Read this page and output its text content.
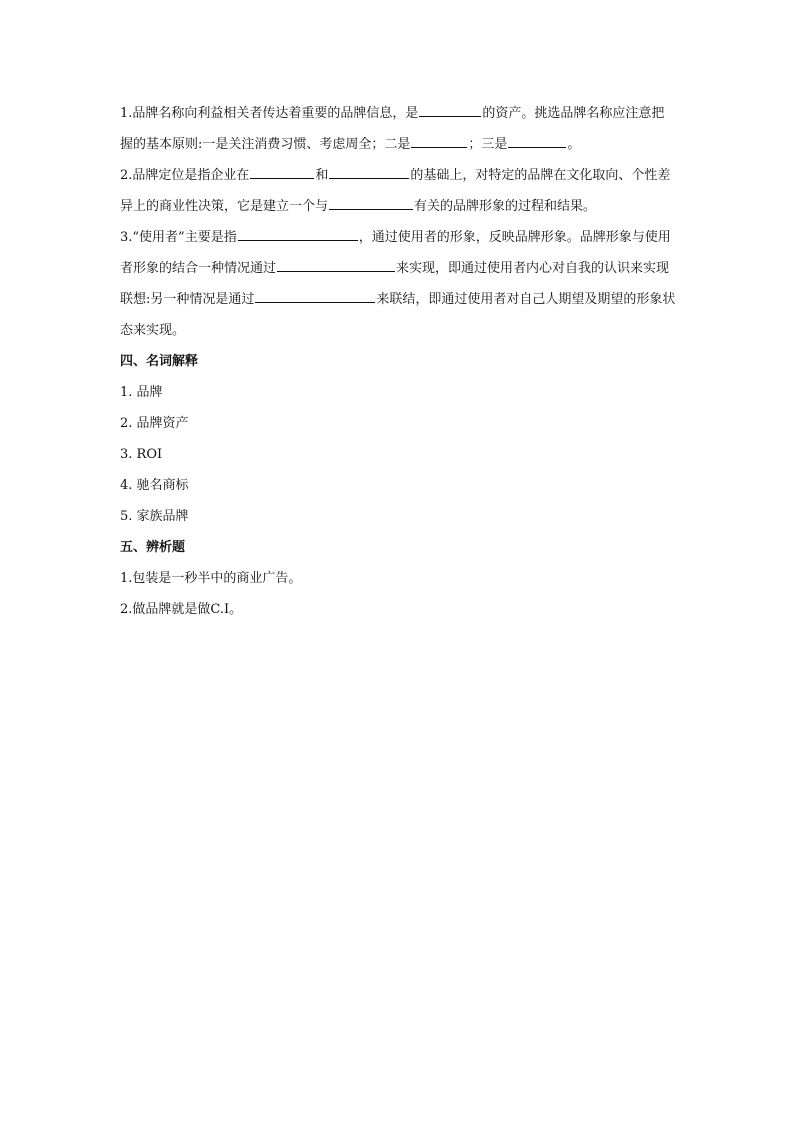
1.品牌名称向利益相关者传达着重要的品牌信息，是	的资产。挑选品牌名称应注意把握的基本原则:一是关注消费习惯、考虑周全；二是	；三是	。

2.品牌定位是指企业在	和	的基础上，对特定的品牌在文化取向、个性差异上的商业性决策，它是建立一个与	有关的品牌形象的过程和结果。

3.“使用者”主要是指	，通过使用者的形象，反映品牌形象。品牌形象与使用者形象的结合一种情况通过	来实现，即通过使用者内心对自我的认识来实现联想:另一种情况是通过	来联结，即通过使用者对自己人期望及期望的形象状态来实现。

四、名词解释

1. 品牌

2. 品牌资产

3. ROI

4. 驰名商标

5. 家族品牌

五、辨析题

1.包装是一秒半中的商业广告。

2.做品牌就是做C.I。
